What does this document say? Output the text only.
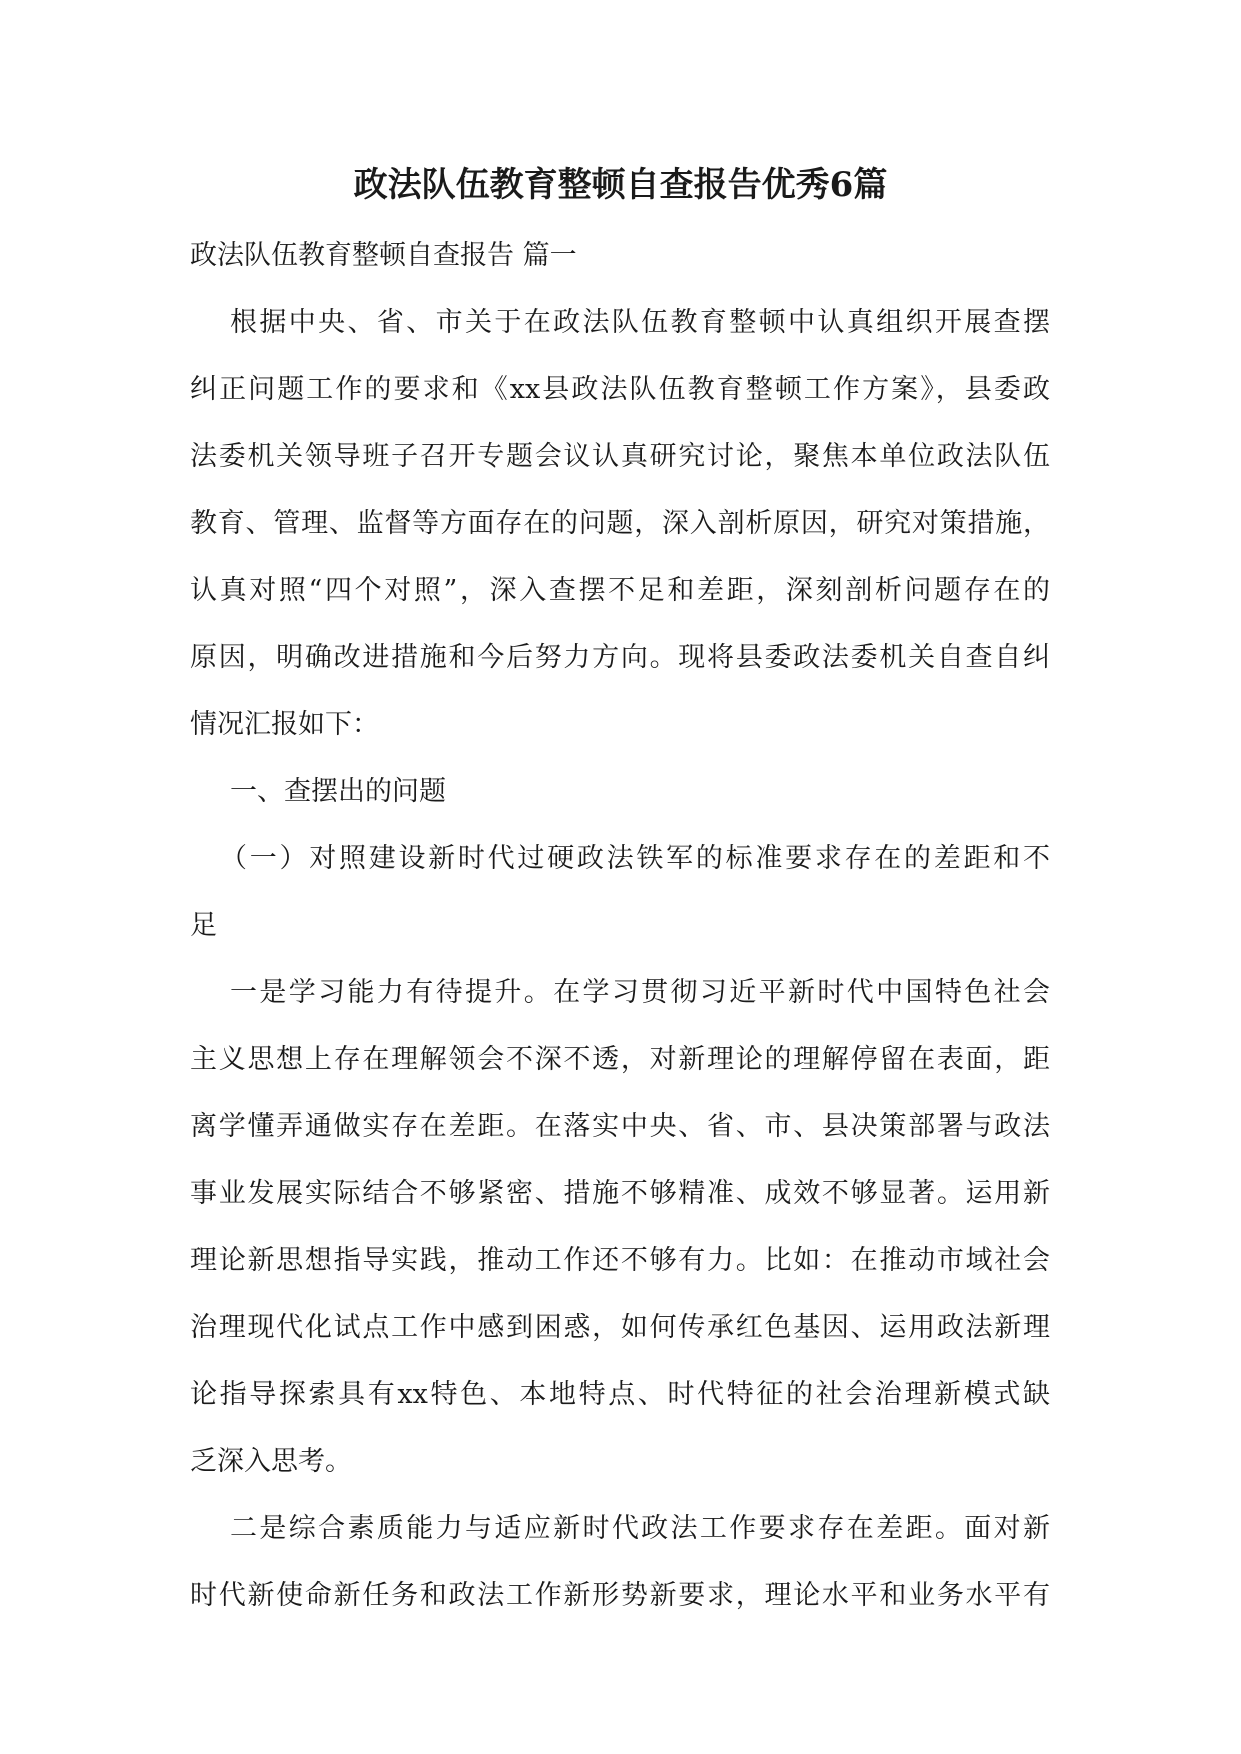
政法队伍教育整顿自查报告优秀6篇
政法队伍教育整顿自查报告 篇一
根据中央、省、市关于在政法队伍教育整顿中认真组织开展查摆
纠正问题工作的要求和《xx县政法队伍教育整顿工作方案》，县委政
法委机关领导班子召开专题会议认真研究讨论，聚焦本单位政法队伍
教育、管理、监督等方面存在的问题，深入剖析原因，研究对策措施，
认真对照“四个对照”，深入查摆不足和差距，深刻剖析问题存在的
原因，明确改进措施和今后努力方向。现将县委政法委机关自查自纠
情况汇报如下：
一、查摆出的问题
（一）对照建设新时代过硬政法铁军的标准要求存在的差距和不
足
一是学习能力有待提升。在学习贯彻习近平新时代中国特色社会
主义思想上存在理解领会不深不透，对新理论的理解停留在表面，距
离学懂弄通做实存在差距。在落实中央、省、市、县决策部署与政法
事业发展实际结合不够紧密、措施不够精准、成效不够显著。运用新
理论新思想指导实践，推动工作还不够有力。比如：在推动市域社会
治理现代化试点工作中感到困惑，如何传承红色基因、运用政法新理
论指导探索具有xx特色、本地特点、时代特征的社会治理新模式缺
乏深入思考。
二是综合素质能力与适应新时代政法工作要求存在差距。面对新
时代新使命新任务和政法工作新形势新要求，理论水平和业务水平有
